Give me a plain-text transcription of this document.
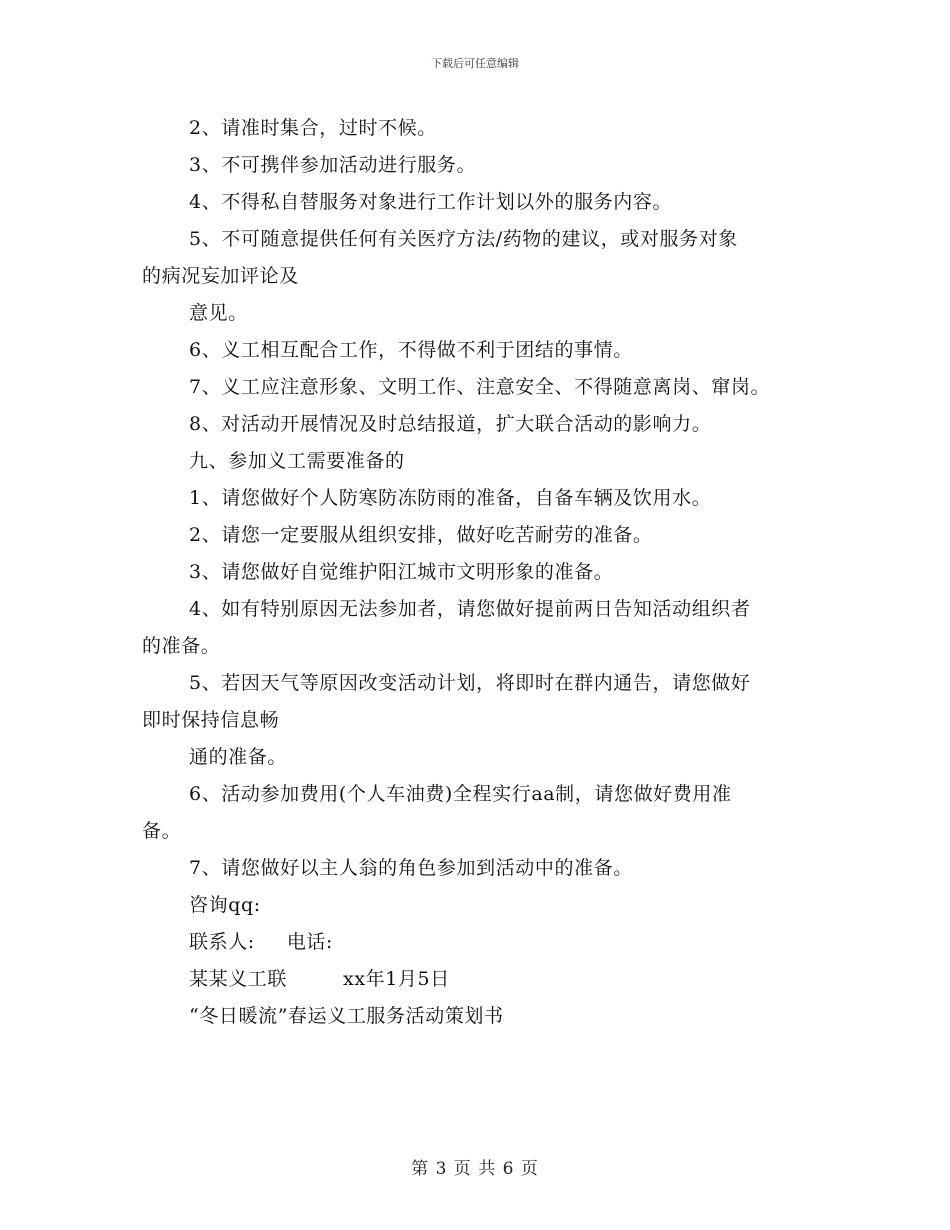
下载后可任意编辑
2、请准时集合，过时不候。
3、不可携伴参加活动进行服务。
4、不得私自替服务对象进行工作计划以外的服务内容。
5、不可随意提供任何有关医疗方法/药物的建议，或对服务对象
的病况妄加评论及
意见。
6、义工相互配合工作，不得做不利于团结的事情。
7、义工应注意形象、文明工作、注意安全、不得随意离岗、窜岗。
8、对活动开展情况及时总结报道，扩大联合活动的影响力。
九、参加义工需要准备的
1、请您做好个人防寒防冻防雨的准备，自备车辆及饮用水。
2、请您一定要服从组织安排，做好吃苦耐劳的准备。
3、请您做好自觉维护阳江城市文明形象的准备。
4、如有特别原因无法参加者，请您做好提前两日告知活动组织者
的准备。
5、若因天气等原因改变活动计划，将即时在群内通告，请您做好
即时保持信息畅
通的准备。
6、活动参加费用(个人车油费)全程实行aa制，请您做好费用准
备。
7、请您做好以主人翁的角色参加到活动中的准备。
咨询qq:
联系人: 电话:
某某义工联	xx年1月5日
“冬日暖流”春运义工服务活动策划书
第 3 页 共 6 页
